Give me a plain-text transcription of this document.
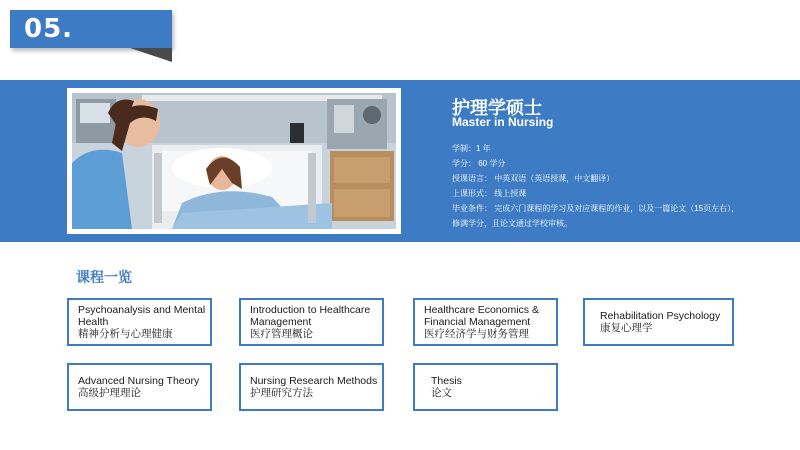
05.
护理学硕士
Master in Nursing
学制：1 年
学分： 60 学分
授课语言： 中英双语（英语授课，中文翻译）
上课形式： 线上授课
毕业条件： 完成六门课程的学习及对应课程的作业，以及一篇论文（15页左右），
修满学分，且论文通过学校审核。
课程一览
Psychoanalysis and Mental Health
精神分析与心理健康
Introduction to Healthcare Management
医疗管理概论
Healthcare Economics & Financial Management
医疗经济学与财务管理
Rehabilitation Psychology
康复心理学
Advanced Nursing Theory
高级护理理论
Nursing Research Methods
护理研究方法
Thesis
论文
